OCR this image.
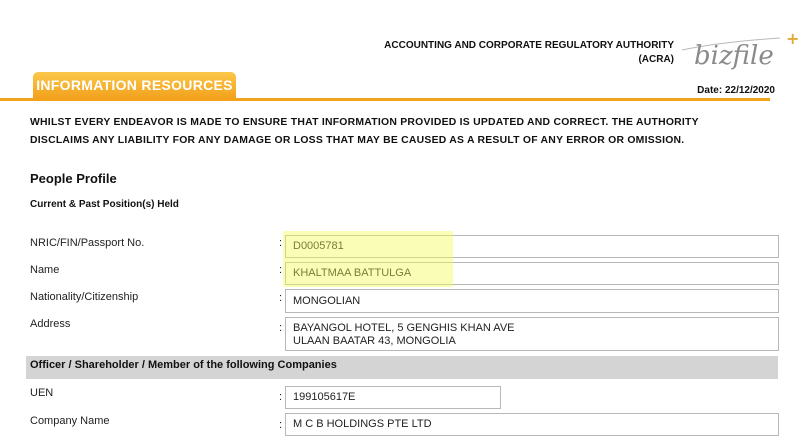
ACCOUNTING AND CORPORATE REGULATORY AUTHORITY
(ACRA) bizfile
+
INFORMATION RESOURCES	Date: 22/12/2020
WHILST EVERY ENDEAVOR IS MADE TO ENSURE THAT INFORMATION PROVIDED IS UPDATED AND CORRECT. THE AUTHORITY
DISCLAIMS ANY LIABILITY FOR ANY DAMAGE OR LOSS THAT MAY BE CAUSED AS A RESULT OF ANY ERROR OR OMISSION.
People Profile
Current & Past Position(s) Held
NRIC/FIN/Passport No.	: D0005781
Name	: KHALTMAA BATTULGA
Nationality/Citizenship	: MONGOLIAN
Address	: BAYANGOL HOTEL, 5 GENGHIS KHAN AVE
ULAAN BAATAR 43, MONGOLIA
Officer / Shareholder / Member of the following Companies
UEN	: 199105617E
Company Name	: M C B HOLDINGS PTE LTD
